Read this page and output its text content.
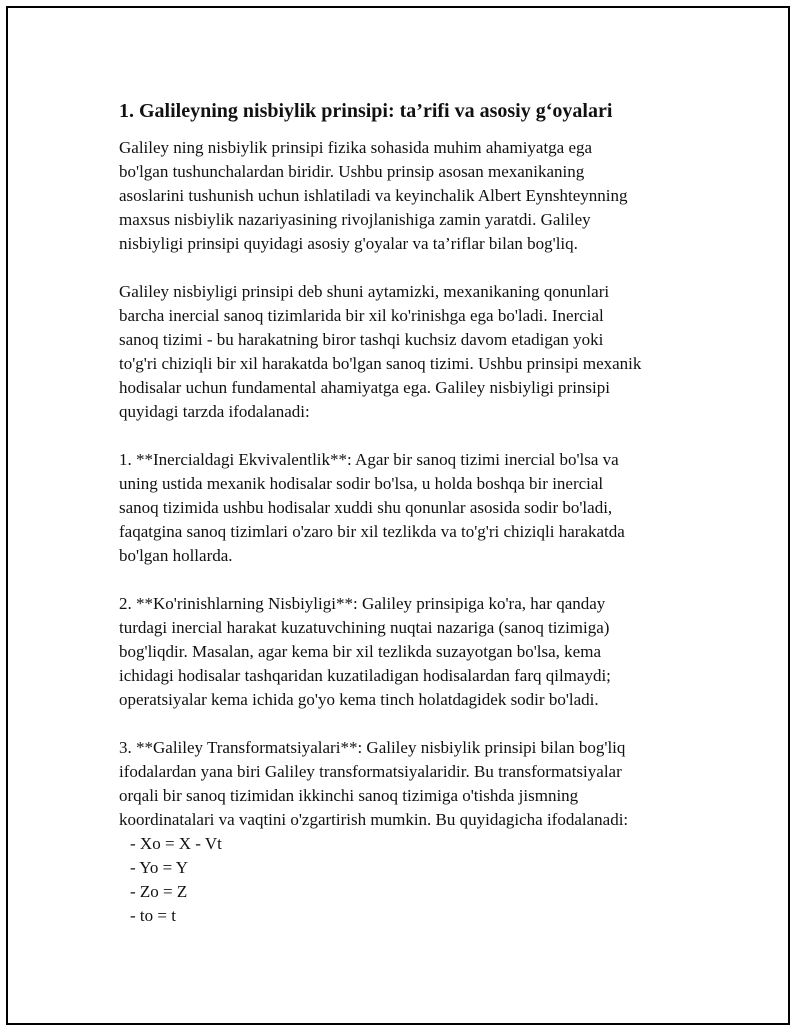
1. Galileyning nisbiylik prinsipi: ta’rifi va asosiy g‘oyalari

Galiley ning nisbiylik prinsipi fizika sohasida muhim ahamiyatga ega
bo'lgan tushunchalardan biridir. Ushbu prinsip asosan mexanikaning
asoslarini tushunish uchun ishlatiladi va keyinchalik Albert Eynshteynning
maxsus nisbiylik nazariyasining rivojlanishiga zamin yaratdi. Galiley
nisbiyligi prinsipi quyidagi asosiy g'oyalar va ta’riflar bilan bog'liq.

Galiley nisbiyligi prinsipi deb shuni aytamizki, mexanikaning qonunlari
barcha inercial sanoq tizimlarida bir xil ko'rinishga ega bo'ladi. Inercial
sanoq tizimi - bu harakatning biror tashqi kuchsiz davom etadigan yoki
to'g'ri chiziqli bir xil harakatda bo'lgan sanoq tizimi. Ushbu prinsipi mexanik
hodisalar uchun fundamental ahamiyatga ega. Galiley nisbiyligi prinsipi
quyidagi tarzda ifodalanadi:

1. **Inercialdagi Ekvivalentlik**: Agar bir sanoq tizimi inercial bo'lsa va
uning ustida mexanik hodisalar sodir bo'lsa, u holda boshqa bir inercial
sanoq tizimida ushbu hodisalar xuddi shu qonunlar asosida sodir bo'ladi,
faqatgina sanoq tizimlari o'zaro bir xil tezlikda va to'g'ri chiziqli harakatda
bo'lgan hollarda.

2. **Ko'rinishlarning Nisbiyligi**: Galiley prinsipiga ko'ra, har qanday
turdagi inercial harakat kuzatuvchining nuqtai nazariga (sanoq tizimiga)
bog'liqdir. Masalan, agar kema bir xil tezlikda suzayotgan bo'lsa, kema
ichidagi hodisalar tashqaridan kuzatiladigan hodisalardan farq qilmaydi;
operatsiyalar kema ichida go'yo kema tinch holatdagidek sodir bo'ladi.

3. **Galiley Transformatsiyalari**: Galiley nisbiylik prinsipi bilan bog'liq
ifodalardan yana biri Galiley transformatsiyalaridir. Bu transformatsiyalar
orqali bir sanoq tizimidan ikkinchi sanoq tizimiga o'tishda jismning
koordinatalari va vaqtini o'zgartirish mumkin. Bu quyidagicha ifodalanadi:

- Xo = X - Vt
- Yo = Y
- Zo = Z
- to = t
